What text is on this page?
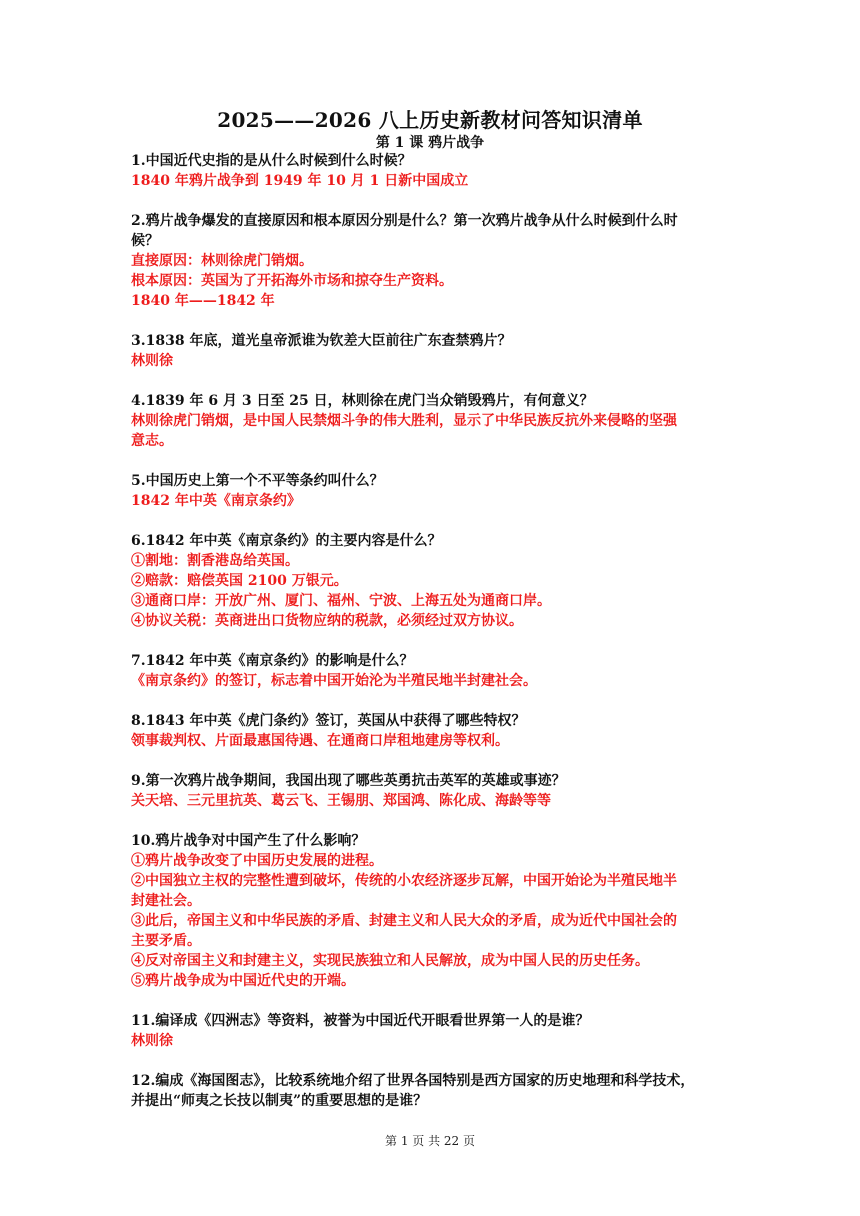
2025——2026 八上历史新教材问答知识清单
第 1 课 鸦片战争
1.中国近代史指的是从什么时候到什么时候？
1840 年鸦片战争到 1949 年 10 月 1 日新中国成立
2.鸦片战争爆发的直接原因和根本原因分别是什么？第一次鸦片战争从什么时候到什么时
候？
直接原因：林则徐虎门销烟。
根本原因：英国为了开拓海外市场和掠夺生产资料。
1840 年——1842 年
3.1838 年底，道光皇帝派谁为钦差大臣前往广东查禁鸦片？
林则徐
4.1839 年 6 月 3 日至 25 日，林则徐在虎门当众销毁鸦片，有何意义？
林则徐虎门销烟，是中国人民禁烟斗争的伟大胜利，显示了中华民族反抗外来侵略的坚强
意志。
5.中国历史上第一个不平等条约叫什么？
1842 年中英《南京条约》
6.1842 年中英《南京条约》的主要内容是什么？
①割地：割香港岛给英国。
②赔款：赔偿英国 2100 万银元。
③通商口岸：开放广州、厦门、福州、宁波、上海五处为通商口岸。
④协议关税：英商进出口货物应纳的税款，必须经过双方协议。
7.1842 年中英《南京条约》的影响是什么？
《南京条约》的签订，标志着中国开始沦为半殖民地半封建社会。
8.1843 年中英《虎门条约》签订，英国从中获得了哪些特权？
领事裁判权、片面最惠国待遇、在通商口岸租地建房等权利。
9.第一次鸦片战争期间，我国出现了哪些英勇抗击英军的英雄或事迹？
关天培、三元里抗英、葛云飞、王锡朋、郑国鸿、陈化成、海龄等等
10.鸦片战争对中国产生了什么影响？
①鸦片战争改变了中国历史发展的进程。
②中国独立主权的完整性遭到破坏，传统的小农经济逐步瓦解，中国开始论为半殖民地半
封建社会。
③此后，帝国主义和中华民族的矛盾、封建主义和人民大众的矛盾，成为近代中国社会的
主要矛盾。
④反对帝国主义和封建主义，实现民族独立和人民解放，成为中国人民的历史任务。
⑤鸦片战争成为中国近代史的开端。
11.编译成《四洲志》等资料，被誉为中国近代开眼看世界第一人的是谁？
林则徐
12.编成《海国图志》，比较系统地介绍了世界各国特别是西方国家的历史地理和科学技术，
并提出“师夷之长技以制夷”的重要思想的是谁？
第 1 页 共 22 页
